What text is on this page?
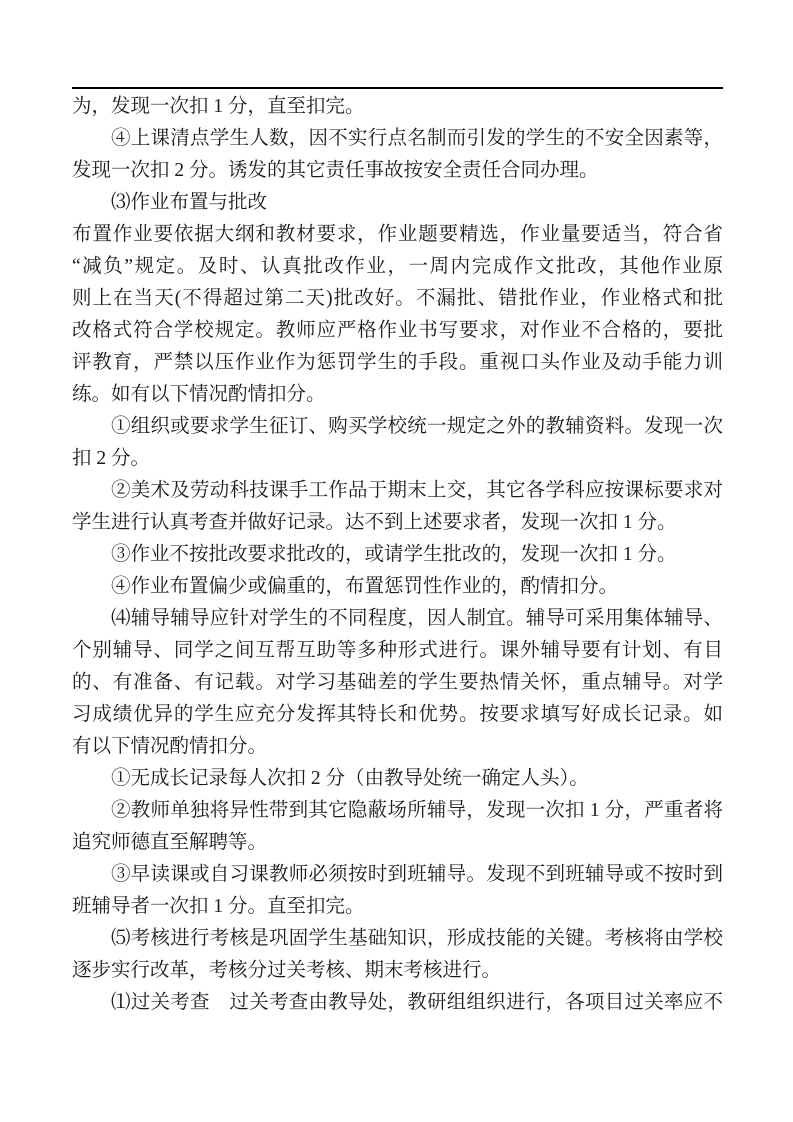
为，发现一次扣 1 分，直至扣完。
④上课清点学生人数，因不实行点名制而引发的学生的不安全因素等，
发现一次扣 2 分。诱发的其它责任事故按安全责任合同办理。
⑶作业布置与批改
布置作业要依据大纲和教材要求，作业题要精选，作业量要适当，符合省
“减负”规定。及时、认真批改作业，一周内完成作文批改，其他作业原
则上在当天(不得超过第二天)批改好。不漏批、错批作业，作业格式和批
改格式符合学校规定。教师应严格作业书写要求，对作业不合格的，要批
评教育，严禁以压作业作为惩罚学生的手段。重视口头作业及动手能力训
练。如有以下情况酌情扣分。
①组织或要求学生征订、购买学校统一规定之外的教辅资料。发现一次
扣 2 分。
②美术及劳动科技课手工作品于期末上交，其它各学科应按课标要求对
学生进行认真考查并做好记录。达不到上述要求者，发现一次扣 1 分。
③作业不按批改要求批改的，或请学生批改的，发现一次扣 1 分。
④作业布置偏少或偏重的，布置惩罚性作业的，酌情扣分。
⑷辅导辅导应针对学生的不同程度，因人制宜。辅导可采用集体辅导、
个别辅导、同学之间互帮互助等多种形式进行。课外辅导要有计划、有目
的、有准备、有记载。对学习基础差的学生要热情关怀，重点辅导。对学
习成绩优异的学生应充分发挥其特长和优势。按要求填写好成长记录。如
有以下情况酌情扣分。
①无成长记录每人次扣 2 分（由教导处统一确定人头）。
②教师单独将异性带到其它隐蔽场所辅导，发现一次扣 1 分，严重者将
追究师德直至解聘等。
③早读课或自习课教师必须按时到班辅导。发现不到班辅导或不按时到
班辅导者一次扣 1 分。直至扣完。
⑸考核进行考核是巩固学生基础知识，形成技能的关键。考核将由学校
逐步实行改革，考核分过关考核、期末考核进行。
⑴过关考查　过关考查由教导处，教研组组织进行，各项目过关率应不
